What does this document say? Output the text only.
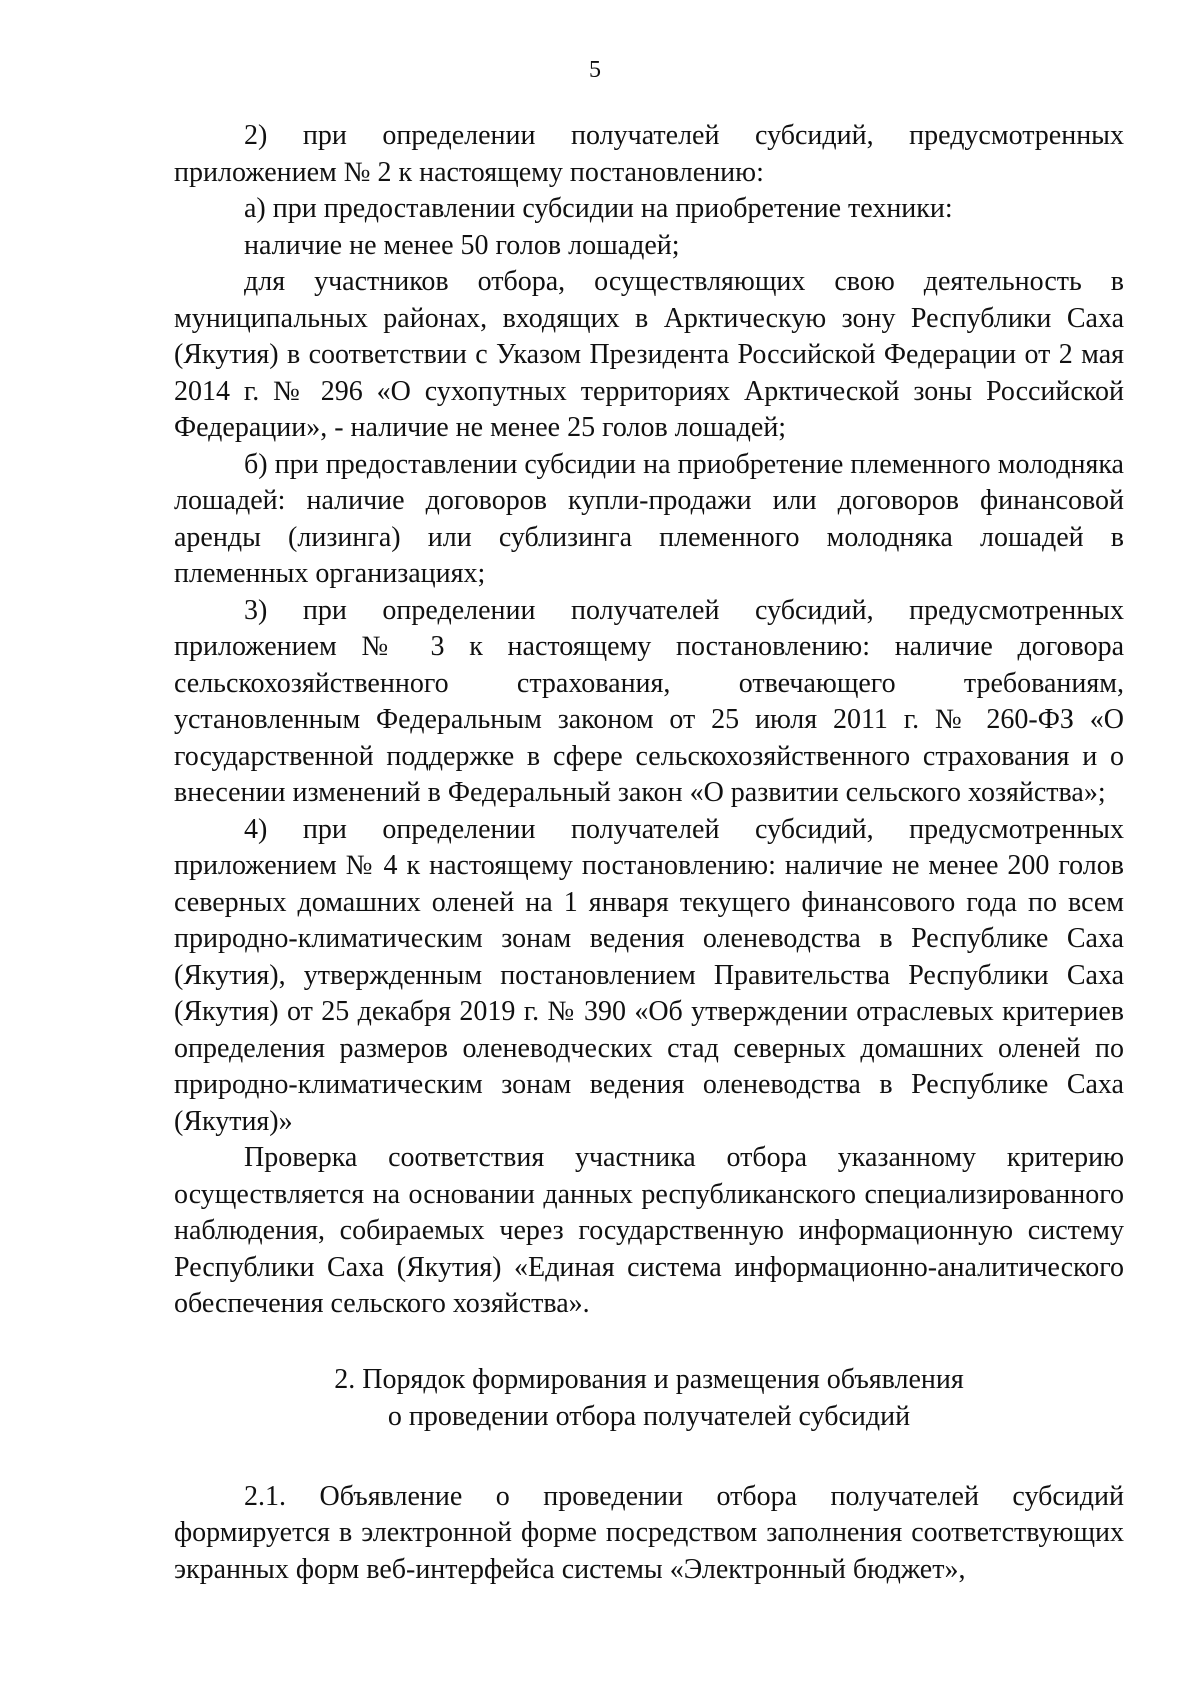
5

2) при определении получателей субсидий, предусмотренных приложением № 2 к настоящему постановлению:

а) при предоставлении субсидии на приобретение техники:

наличие не менее 50 голов лошадей;

для участников отбора, осуществляющих свою деятельность в муниципальных районах, входящих в Арктическую зону Республики Саха (Якутия) в соответствии с Указом Президента Российской Федерации от 2 мая 2014 г. № 296 «О сухопутных территориях Арктической зоны Российской Федерации», - наличие не менее 25 голов лошадей;

б) при предоставлении субсидии на приобретение племенного молодняка лошадей: наличие договоров купли-продажи или договоров финансовой аренды (лизинга) или сублизинга племенного молодняка лошадей в племенных организациях;

3) при определении получателей субсидий, предусмотренных приложением № 3 к настоящему постановлению: наличие договора сельскохозяйственного страхования, отвечающего требованиям, установленным Федеральным законом от 25 июля 2011 г. № 260-ФЗ «О государственной поддержке в сфере сельскохозяйственного страхования и о внесении изменений в Федеральный закон «О развитии сельского хозяйства»;

4) при определении получателей субсидий, предусмотренных приложением № 4 к настоящему постановлению: наличие не менее 200 голов северных домашних оленей на 1 января текущего финансового года по всем природно-климатическим зонам ведения оленеводства в Республике Саха (Якутия), утвержденным постановлением Правительства Республики Саха (Якутия) от 25 декабря 2019 г. № 390 «Об утверждении отраслевых критериев определения размеров оленеводческих стад северных домашних оленей по природно-климатическим зонам ведения оленеводства в Республике Саха (Якутия)»

Проверка соответствия участника отбора указанному критерию осуществляется на основании данных республиканского специализированного наблюдения, собираемых через государственную информационную систему Республики Саха (Якутия) «Единая система информационно-аналитического обеспечения сельского хозяйства».

2. Порядок формирования и размещения объявления
о проведении отбора получателей субсидий

2.1. Объявление о проведении отбора получателей субсидий формируется в электронной форме посредством заполнения соответствующих экранных форм веб-интерфейса системы «Электронный бюджет»,
